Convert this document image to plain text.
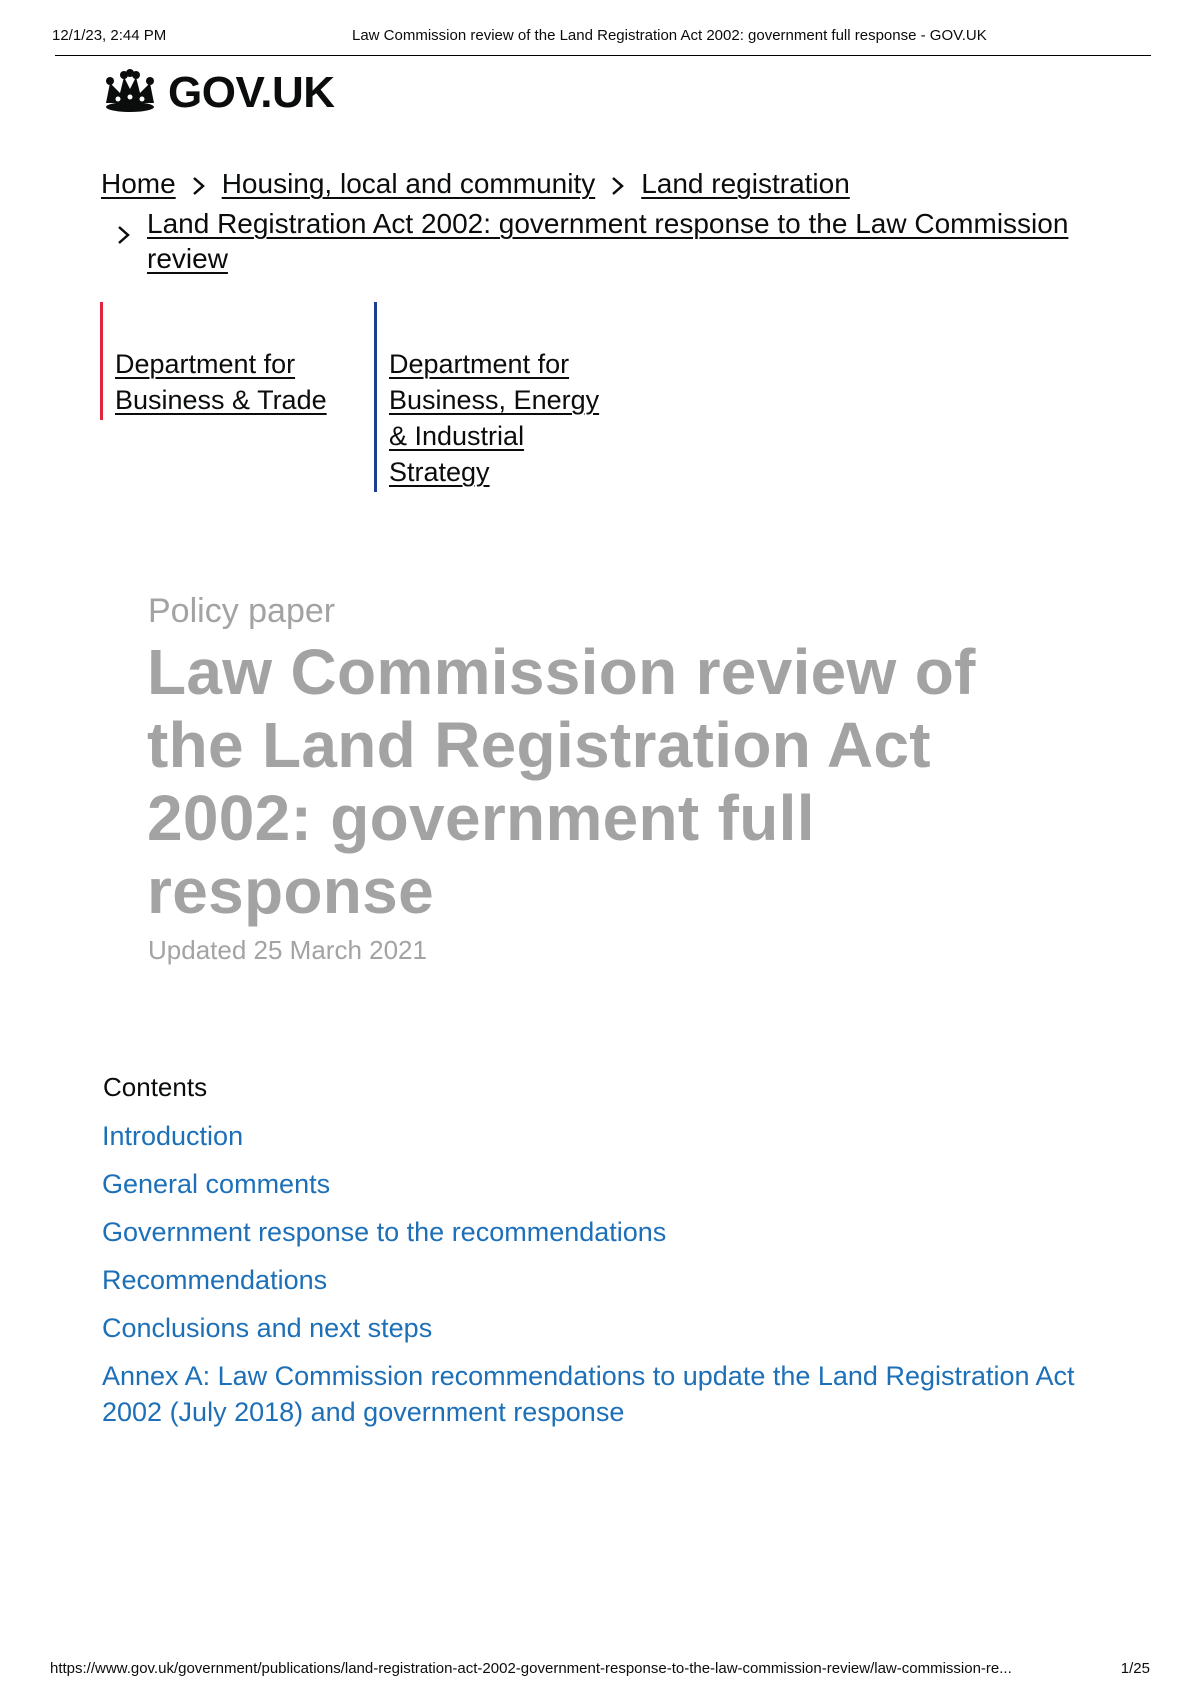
12/1/23, 2:44 PM	Law Commission review of the Land Registration Act 2002: government full response - GOV.UK
GOV.UK
Home Housing, local and community Land registration
Land Registration Act 2002: government response to the Law Commission review
Department for Business & Trade
Department for Business, Energy & Industrial Strategy
Policy paper
Law Commission review of the Land Registration Act 2002: government full response
Updated 25 March 2021
Contents
Introduction
General comments
Government response to the recommendations
Recommendations
Conclusions and next steps
Annex A: Law Commission recommendations to update the Land Registration Act 2002 (July 2018) and government response
https://www.gov.uk/government/publications/land-registration-act-2002-government-response-to-the-law-commission-review/law-commission-re...	1/25
